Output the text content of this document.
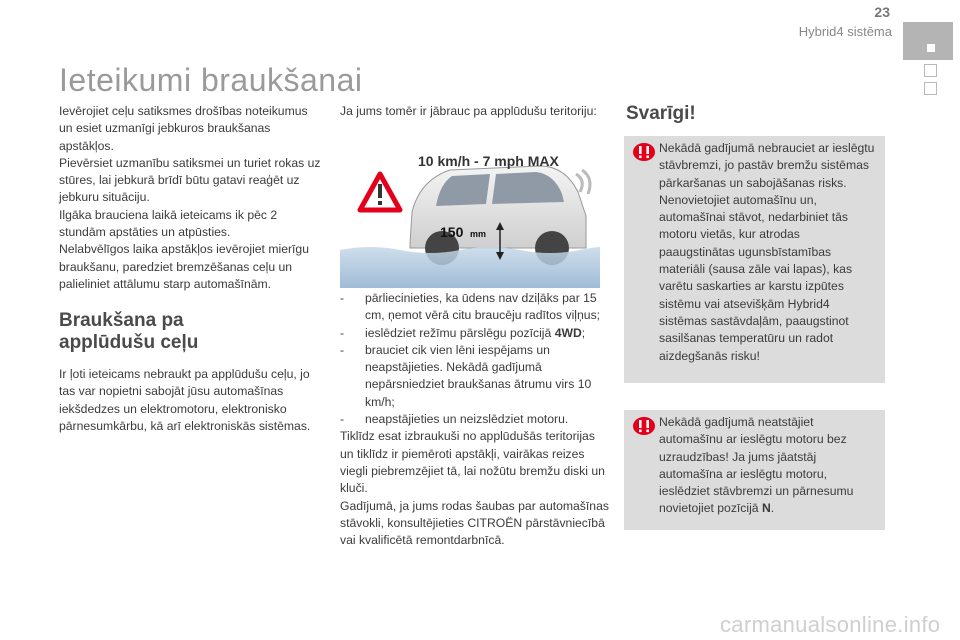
23
Hybrid4 sistēma
Ieteikumi braukšanai
Ievērojiet ceļu satiksmes drošības noteikumus un esiet uzmanīgi jebkuros braukšanas apstākļos.
Pievērsiet uzmanību satiksmei un turiet rokas uz stūres, lai jebkurā brīdī būtu gatavi reaģēt uz jebkuru situāciju.
Ilgāka brauciena laikā ieteicams ik pēc 2 stundām apstāties un atpūsties.
Nelabvēlīgos laika apstākļos ievērojiet mierīgu braukšanu, paredziet bremzēšanas ceļu un palieliniet attālumu starp automašīnām.
Braukšana pa applūdušu ceļu
Ir ļoti ieteicams nebraukt pa applūdušu ceļu, jo tas var nopietni sabojāt jūsu automašīnas iekšdedzes un elektromotoru, elektronisko pārnesumkārbu, kā arī elektroniskās sistēmas.
Ja jums tomēr ir jābrauc pa applūdušu teritoriju:
150 mm
10 km/h - 7 mph MAX
- pārliecinieties, ka ūdens nav dziļāks par 15 cm, ņemot vērā citu braucēju radītos viļņus;
- ieslēdziet režīmu pārslēgu pozīcijā 4WD;
- brauciet cik vien lēni iespējams un neapstājieties. Nekādā gadījumā nepārsniedziet braukšanas ātrumu virs 10 km/h;
- neapstājieties un neizslēdziet motoru.
Tiklīdz esat izbraukuši no applūdušās teritorijas un tiklīdz ir piemēroti apstākļi, vairākas reizes viegli piebremzējiet tā, lai nožūtu bremžu diski un kluči.
Gadījumā, ja jums rodas šaubas par automašīnas stāvokli, konsultējieties CITROËN pārstāvniecībā vai kvalificētā remontdarbnīcā.
Svarīgi!
Nekādā gadījumā nebrauciet ar ieslēgtu stāvbremzi, jo pastāv bremžu sistēmas pārkaršanas un sabojāšanas risks. Nenovietojiet automašīnu un, automašīnai stāvot, nedarbiniet tās motoru vietās, kur atrodas paaugstinātas ugunsbīstamības materiāli (sausa zāle vai lapas), kas varētu saskarties ar karstu izpūtes sistēmu vai atsevišķām Hybrid4 sistēmas sastāvdaļām, paaugstinot sasilšanas temperatūru un radot aizdegšanās risku!
Nekādā gadījumā neatstājiet automašīnu ar ieslēgtu motoru bez uzraudzības! Ja jums jāatstāj automašīna ar ieslēgtu motoru, ieslēdziet stāvbremzi un pārnesumu novietojiet pozīcijā N.
carmanualsonline.info
